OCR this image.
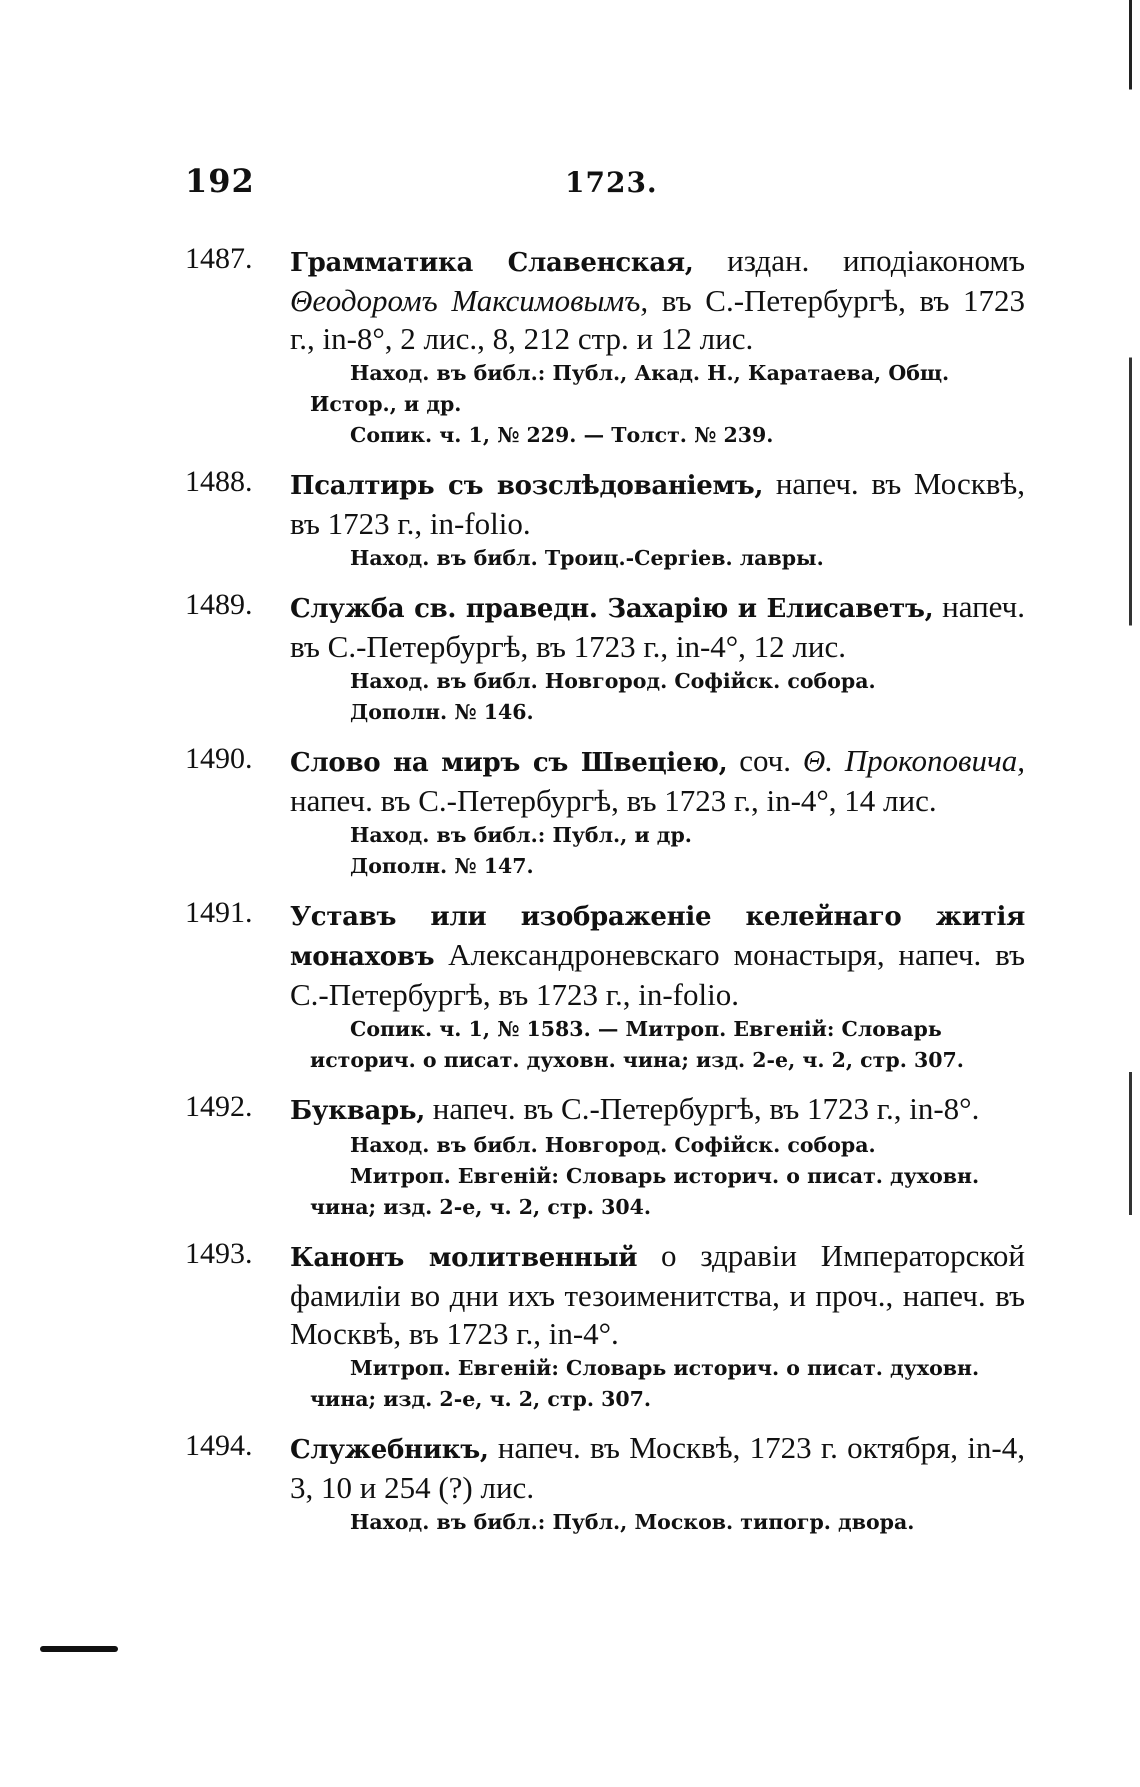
192	1723.
1487. Грамматика Славенская, издан. иподіакономъ Θеодоромъ Максимовымъ, въ С.-Петербургѣ, въ 1723 г., in-8°, 2 лис., 8, 212 стр. и 12 лис.
Наход. въ библ.: Публ., Акад. Н., Каратаева, Общ.
Истор., и др.
Сопик. ч. 1, № 229. — Толст. № 239.
1488. Псалтирь съ возслѣдованіемъ, напеч. въ Москвѣ, въ 1723 г., in-folio.
Наход. въ библ. Троиц.-Сергіев. лавры.
1489. Служба св. праведн. Захарію и Елисаветъ, напеч. въ С.-Петербургѣ, въ 1723 г., in-4°, 12 лис.
Наход. въ библ. Новгород. Софійск. собора.
Дополн. № 146.
1490. Слово на миръ съ Швеціею, соч. Θ. Прокоповича, напеч. въ С.-Петербургѣ, въ 1723 г., in-4°, 14 лис.
Наход. въ библ.: Публ., и др.
Дополн. № 147.
1491. Уставъ или изображеніе келейнаго житія монаховъ Александроневскаго монастыря, напеч. въ С.-Петербургѣ, въ 1723 г., in-folio.
Сопик. ч. 1, № 1583. — Митроп. Евгеній: Словарь
историч. о писат. духовн. чина; изд. 2-е, ч. 2, стр. 307.
1492. Букварь, напеч. въ С.-Петербургѣ, въ 1723 г., in-8°.
Наход. въ библ. Новгород. Софійск. собора.
Митроп. Евгеній: Словарь историч. о писат. духовн.
чина; изд. 2-е, ч. 2, стр. 304.
1493. Канонъ молитвенный о здравіи Императорской фамиліи во дни ихъ тезоименитства, и проч., напеч. въ Москвѣ, въ 1723 г., in-4°.
Митроп. Евгеній: Словарь историч. о писат. духовн.
чина; изд. 2-е, ч. 2, стр. 307.
1494. Служебникъ, напеч. въ Москвѣ, 1723 г. октября, in-4, 3, 10 и 254 (?) лис.
Наход. въ библ.: Публ., Москов. типогр. двора.
